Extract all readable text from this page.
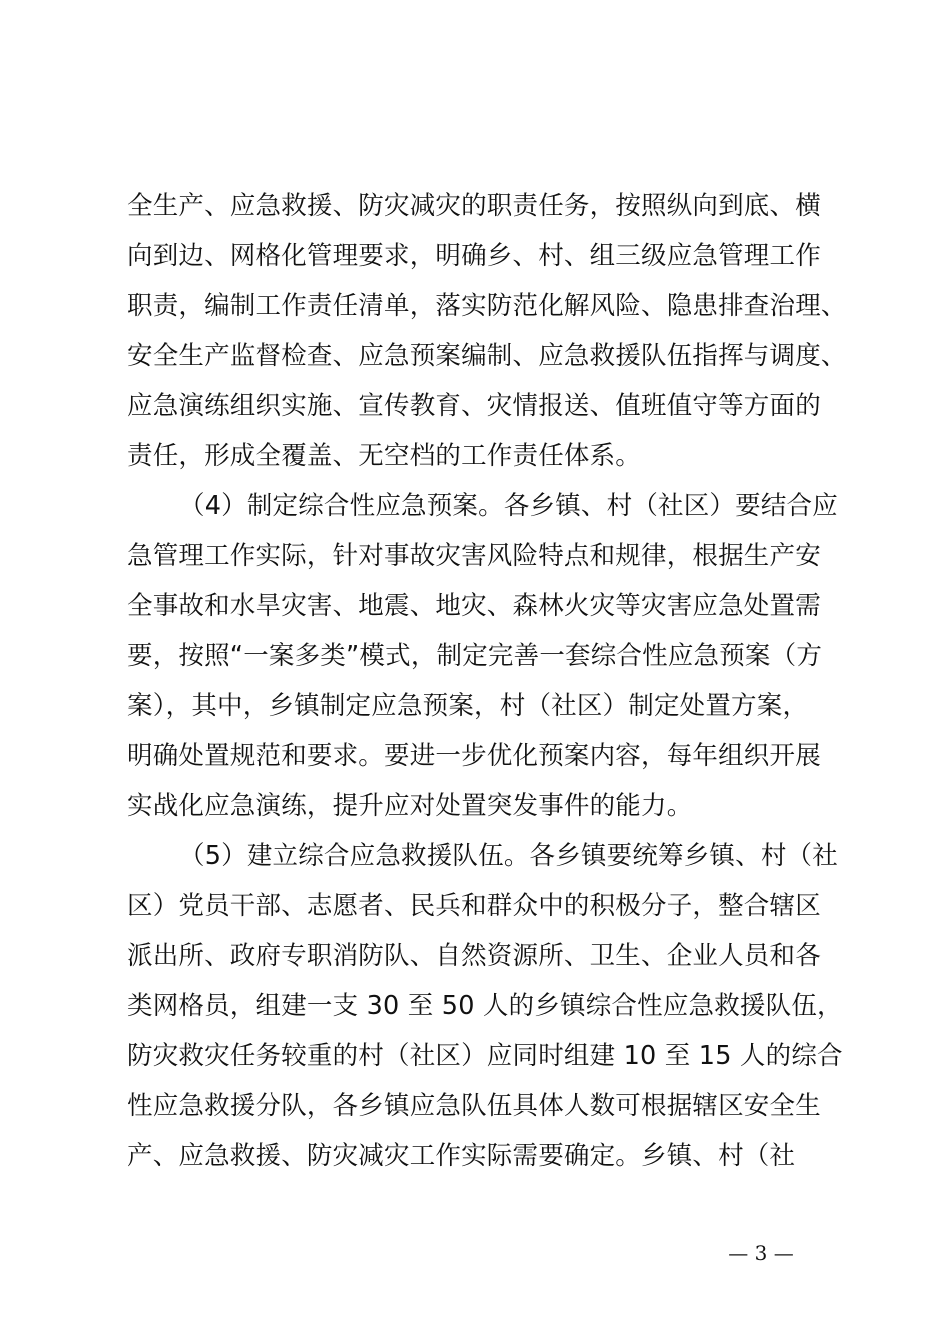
全生产、应急救援、防灾减灾的职责任务，按照纵向到底、横
向到边、网格化管理要求，明确乡、村、组三级应急管理工作
职责，编制工作责任清单，落实防范化解风险、隐患排查治理、
安全生产监督检查、应急预案编制、应急救援队伍指挥与调度、
应急演练组织实施、宣传教育、灾情报送、值班值守等方面的
责任，形成全覆盖、无空档的工作责任体系。
（4）制定综合性应急预案。各乡镇、村（社区）要结合应
急管理工作实际，针对事故灾害风险特点和规律，根据生产安
全事故和水旱灾害、地震、地灾、森林火灾等灾害应急处置需
要，按照“一案多类”模式，制定完善一套综合性应急预案（方
案），其中，乡镇制定应急预案，村（社区）制定处置方案，
明确处置规范和要求。要进一步优化预案内容，每年组织开展
实战化应急演练，提升应对处置突发事件的能力。
（5）建立综合应急救援队伍。各乡镇要统筹乡镇、村（社
区）党员干部、志愿者、民兵和群众中的积极分子，整合辖区
派出所、政府专职消防队、自然资源所、卫生、企业人员和各
类网格员，组建一支 30 至 50 人的乡镇综合性应急救援队伍，
防灾救灾任务较重的村（社区）应同时组建 10 至 15 人的综合
性应急救援分队，各乡镇应急队伍具体人数可根据辖区安全生
产、应急救援、防灾减灾工作实际需要确定。乡镇、村（社
— 3 —
